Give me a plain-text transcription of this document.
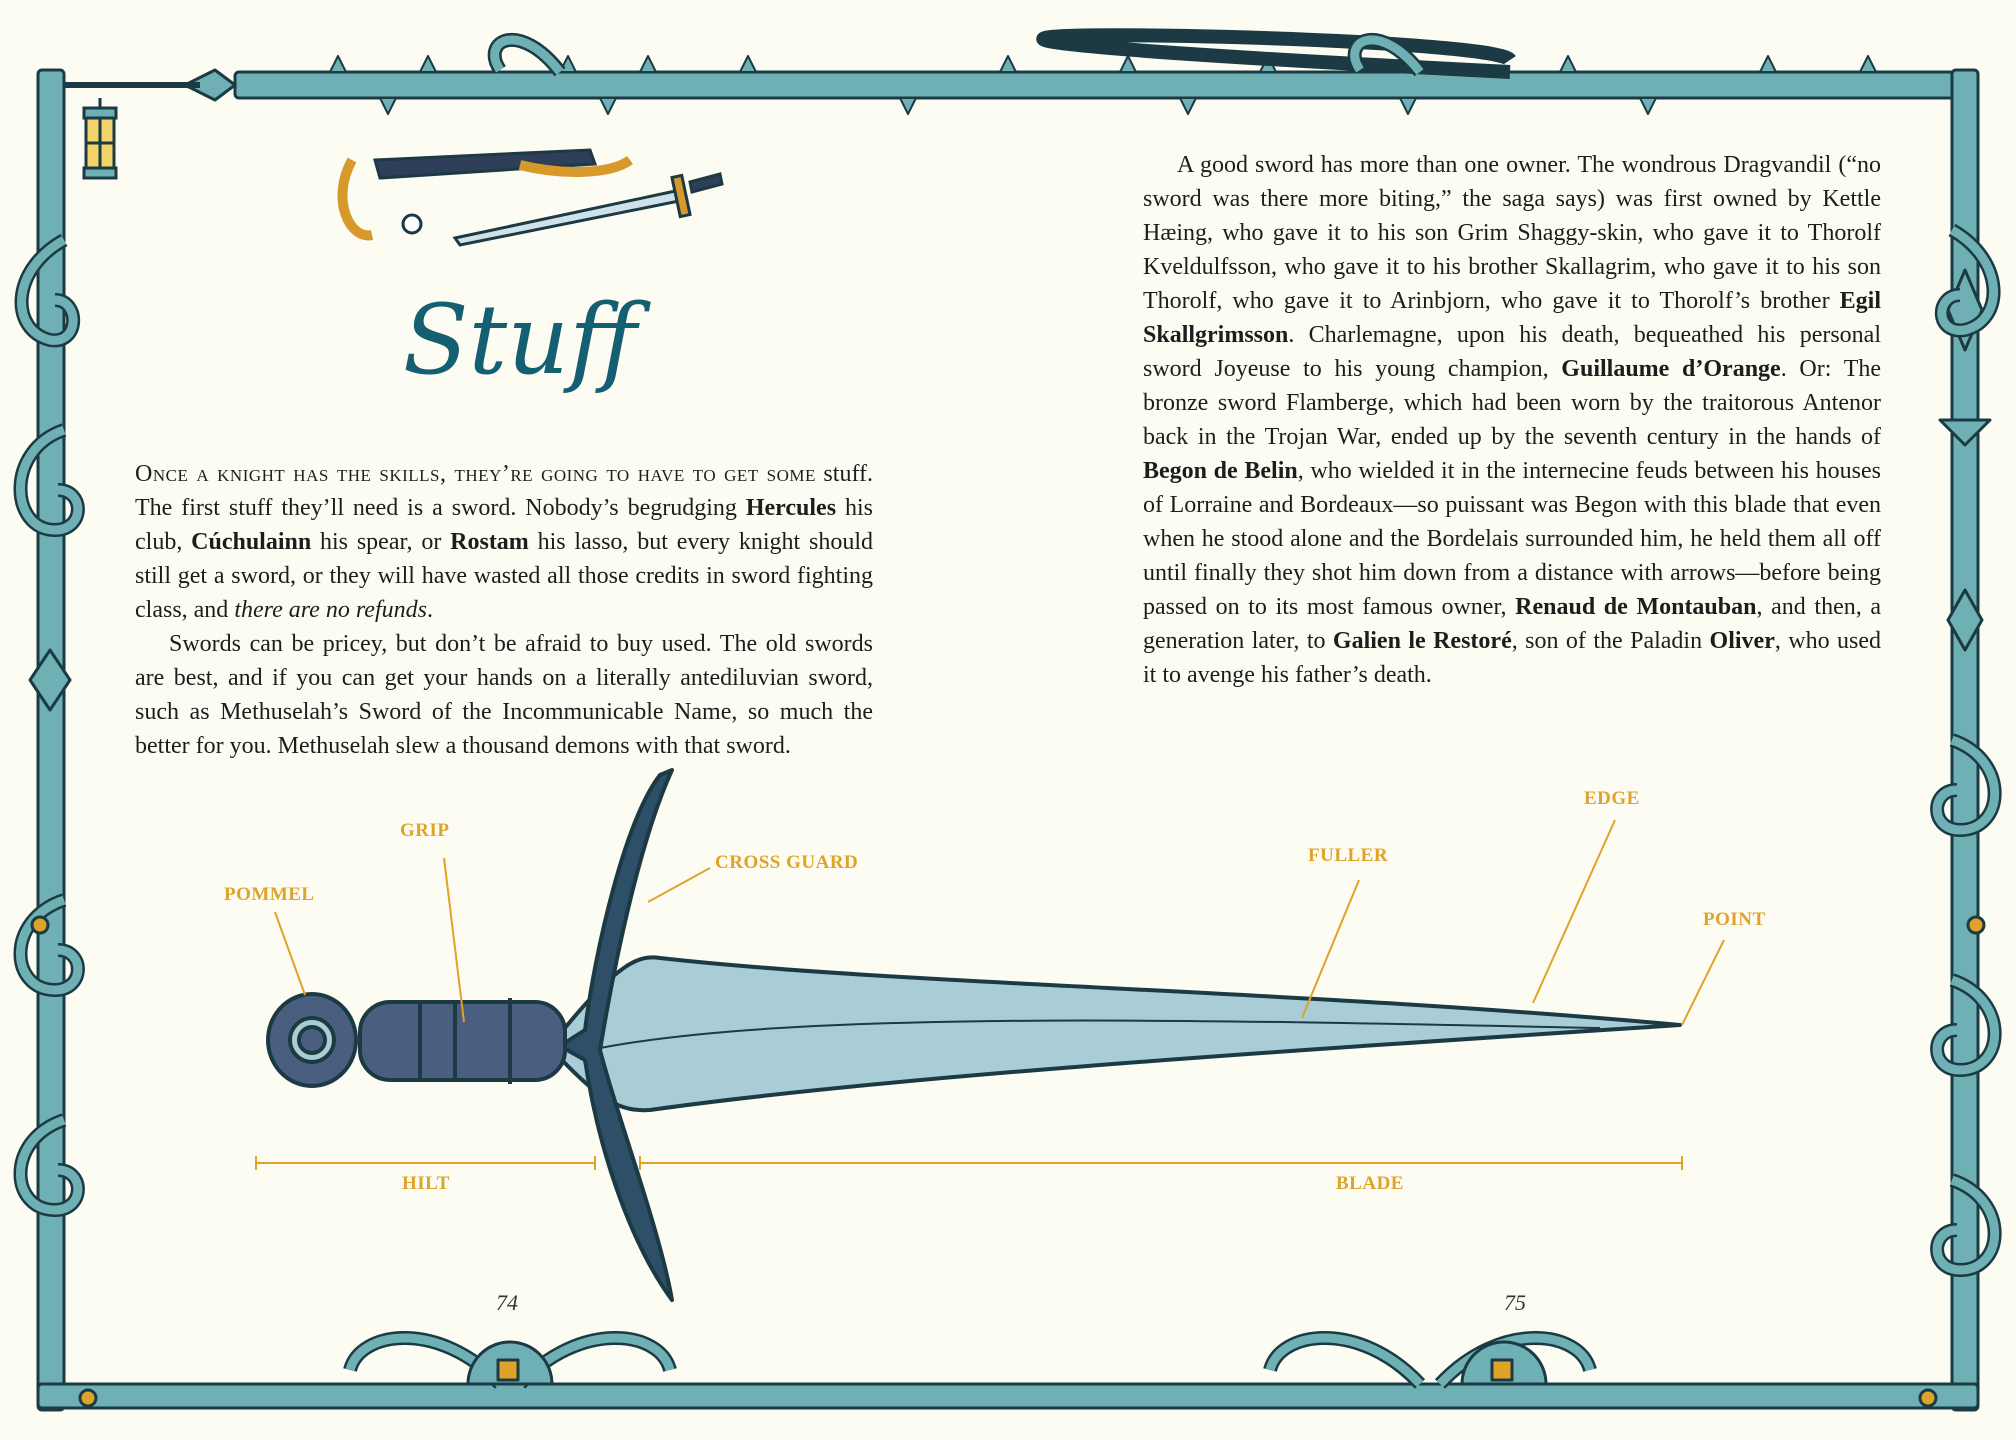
Stuff

Once a knight has the skills, they’re going to have to get some stuff. The first stuff they’ll need is a sword. Nobody’s begrudging Hercules his club, Cúchulainn his spear, or Rostam his lasso, but every knight should still get a sword, or they will have wasted all those credits in sword fighting class, and there are no refunds.

Swords can be pricey, but don’t be afraid to buy used. The old swords are best, and if you can get your hands on a literally antediluvian sword, such as Methuselah’s Sword of the Incommunicable Name, so much the better for you. Methuselah slew a thousand demons with that sword.

A good sword has more than one owner. The wondrous Dragvandil (“no sword was there more biting,” the saga says) was first owned by Kettle Hæing, who gave it to his son Grim Shaggy-skin, who gave it to Thorolf Kveldulfsson, who gave it to his brother Skallagrim, who gave it to his son Thorolf, who gave it to Arinbjorn, who gave it to Thorolf’s brother Egil Skallgrimsson. Charlemagne, upon his death, bequeathed his personal sword Joyeuse to his young champion, Guillaume d’Orange. Or: The bronze sword Flamberge, which had been worn by the traitorous Antenor back in the Trojan War, ended up by the seventh century in the hands of Begon de Belin, who wielded it in the internecine feuds between his houses of Lorraine and Bordeaux—so puissant was Begon with this blade that even when he stood alone and the Bordelais surrounded him, he held them all off until finally they shot him down from a distance with arrows—before being passed on to its most famous owner, Renaud de Montauban, and then, a generation later, to Galien le Restoré, son of the Paladin Oliver, who used it to avenge his father’s death.

POMMEL
GRIP
CROSS GUARD	FULLER
EDGE
POINT
HILT	BLADE
74	75
